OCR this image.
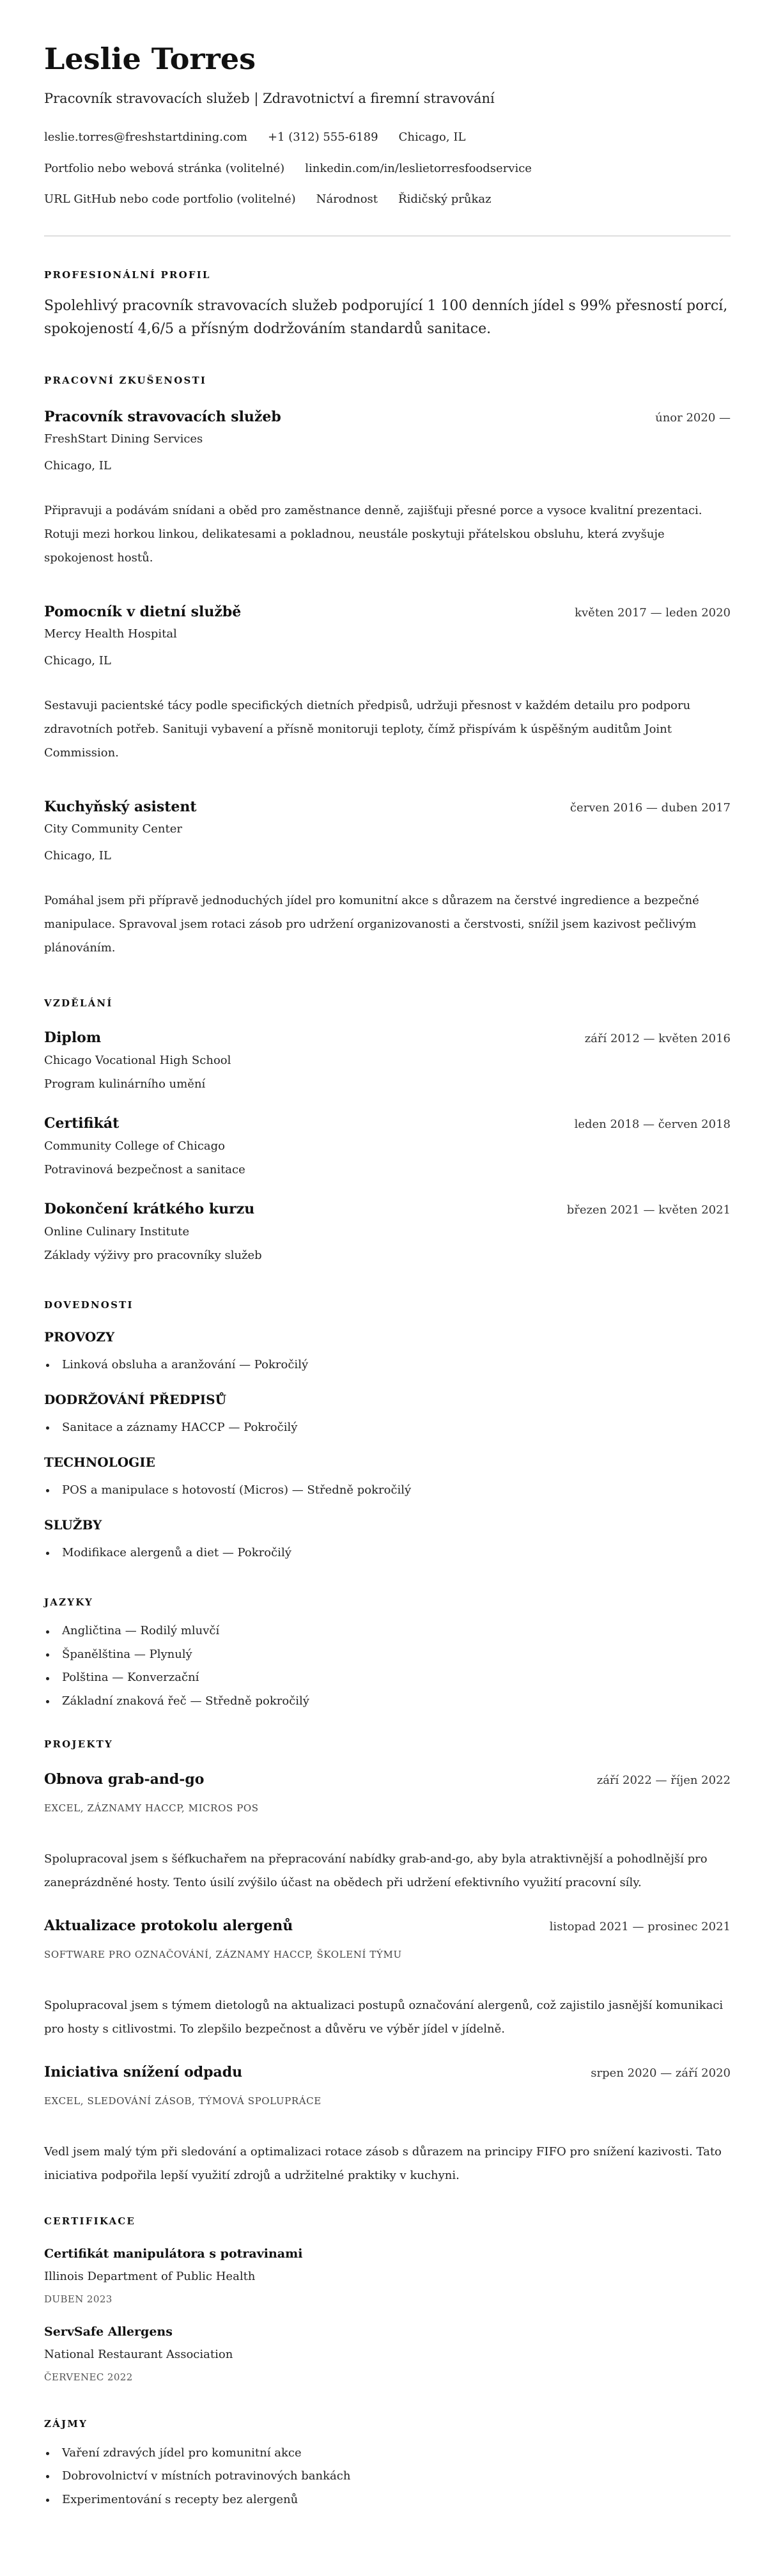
Leslie Torres
Pracovník stravovacích služeb | Zdravotnictví a firemní stravování
leslie.torres@freshstartdining.com +1 (312) 555-6189 Chicago, IL
Portfolio nebo webová stránka (volitelné) linkedin.com/in/leslietorresfoodservice
URL GitHub nebo code portfolio (volitelné) Národnost Řidičský průkaz
PROFESIONÁLNÍ PROFIL
Spolehlivý pracovník stravovacích služeb podporující 1 100 denních jídel s 99% přesností porcí, spokojeností 4,6/5 a přísným dodržováním standardů sanitace.
PRACOVNÍ ZKUŠENOSTI
Pracovník stravovacích služeb	únor 2020 —
FreshStart Dining Services
Chicago, IL
Připravuji a podávám snídani a oběd pro zaměstnance denně, zajišťuji přesné porce a vysoce kvalitní prezentaci. Rotuji mezi horkou linkou, delikatesami a pokladnou, neustále poskytuji přátelskou obsluhu, která zvyšuje spokojenost hostů.
Pomocník v dietní službě	květen 2017 — leden 2020
Mercy Health Hospital
Chicago, IL
Sestavuji pacientské tácy podle specifických dietních předpisů, udržuji přesnost v každém detailu pro podporu zdravotních potřeb. Sanituji vybavení a přísně monitoruji teploty, čímž přispívám k úspěšným auditům Joint Commission.
Kuchyňský asistent	červen 2016 — duben 2017
City Community Center
Chicago, IL
Pomáhal jsem při přípravě jednoduchých jídel pro komunitní akce s důrazem na čerstvé ingredience a bezpečné manipulace. Spravoval jsem rotaci zásob pro udržení organizovanosti a čerstvosti, snížil jsem kazivost pečlivým plánováním.
VZDĚLÁNÍ
Diplom	září 2012 — květen 2016
Chicago Vocational High School
Program kulinárního umění
Certifikát	leden 2018 — červen 2018
Community College of Chicago
Potravinová bezpečnost a sanitace
Dokončení krátkého kurzu	březen 2021 — květen 2021
Online Culinary Institute
Základy výživy pro pracovníky služeb
DOVEDNOSTI
PROVOZY
Linková obsluha a aranžování — Pokročilý
DODRŽOVÁNÍ PŘEDPISŮ
Sanitace a záznamy HACCP — Pokročilý
TECHNOLOGIE
POS a manipulace s hotovostí (Micros) — Středně pokročilý
SLUŽBY
Modifikace alergenů a diet — Pokročilý
JAZYKY
Angličtina — Rodilý mluvčí
Španělština — Plynulý
Polština — Konverzační
Základní znaková řeč — Středně pokročilý
PROJEKTY
Obnova grab-and-go	září 2022 — říjen 2022
EXCEL, ZÁZNAMY HACCP, MICROS POS
Spolupracoval jsem s šéfkuchařem na přepracování nabídky grab-and-go, aby byla atraktivnější a pohodlnější pro zaneprázdněné hosty. Tento úsilí zvýšilo účast na obědech při udržení efektivního využití pracovní síly.
Aktualizace protokolu alergenů	listopad 2021 — prosinec 2021
SOFTWARE PRO OZNAČOVÁNÍ, ZÁZNAMY HACCP, ŠKOLENÍ TÝMU
Spolupracoval jsem s týmem dietologů na aktualizaci postupů označování alergenů, což zajistilo jasnější komunikaci pro hosty s citlivostmi. To zlepšilo bezpečnost a důvěru ve výběr jídel v jídelně.
Iniciativa snížení odpadu	srpen 2020 — září 2020
EXCEL, SLEDOVÁNÍ ZÁSOB, TÝMOVÁ SPOLUPRÁCE
Vedl jsem malý tým při sledování a optimalizaci rotace zásob s důrazem na principy FIFO pro snížení kazivosti. Tato iniciativa podpořila lepší využití zdrojů a udržitelné praktiky v kuchyni.
CERTIFIKACE
Certifikát manipulátora s potravinami
Illinois Department of Public Health
DUBEN 2023
ServSafe Allergens
National Restaurant Association
ČERVENEC 2022
ZÁJMY
Vaření zdravých jídel pro komunitní akce
Dobrovolnictví v místních potravinových bankách
Experimentování s recepty bez alergenů
